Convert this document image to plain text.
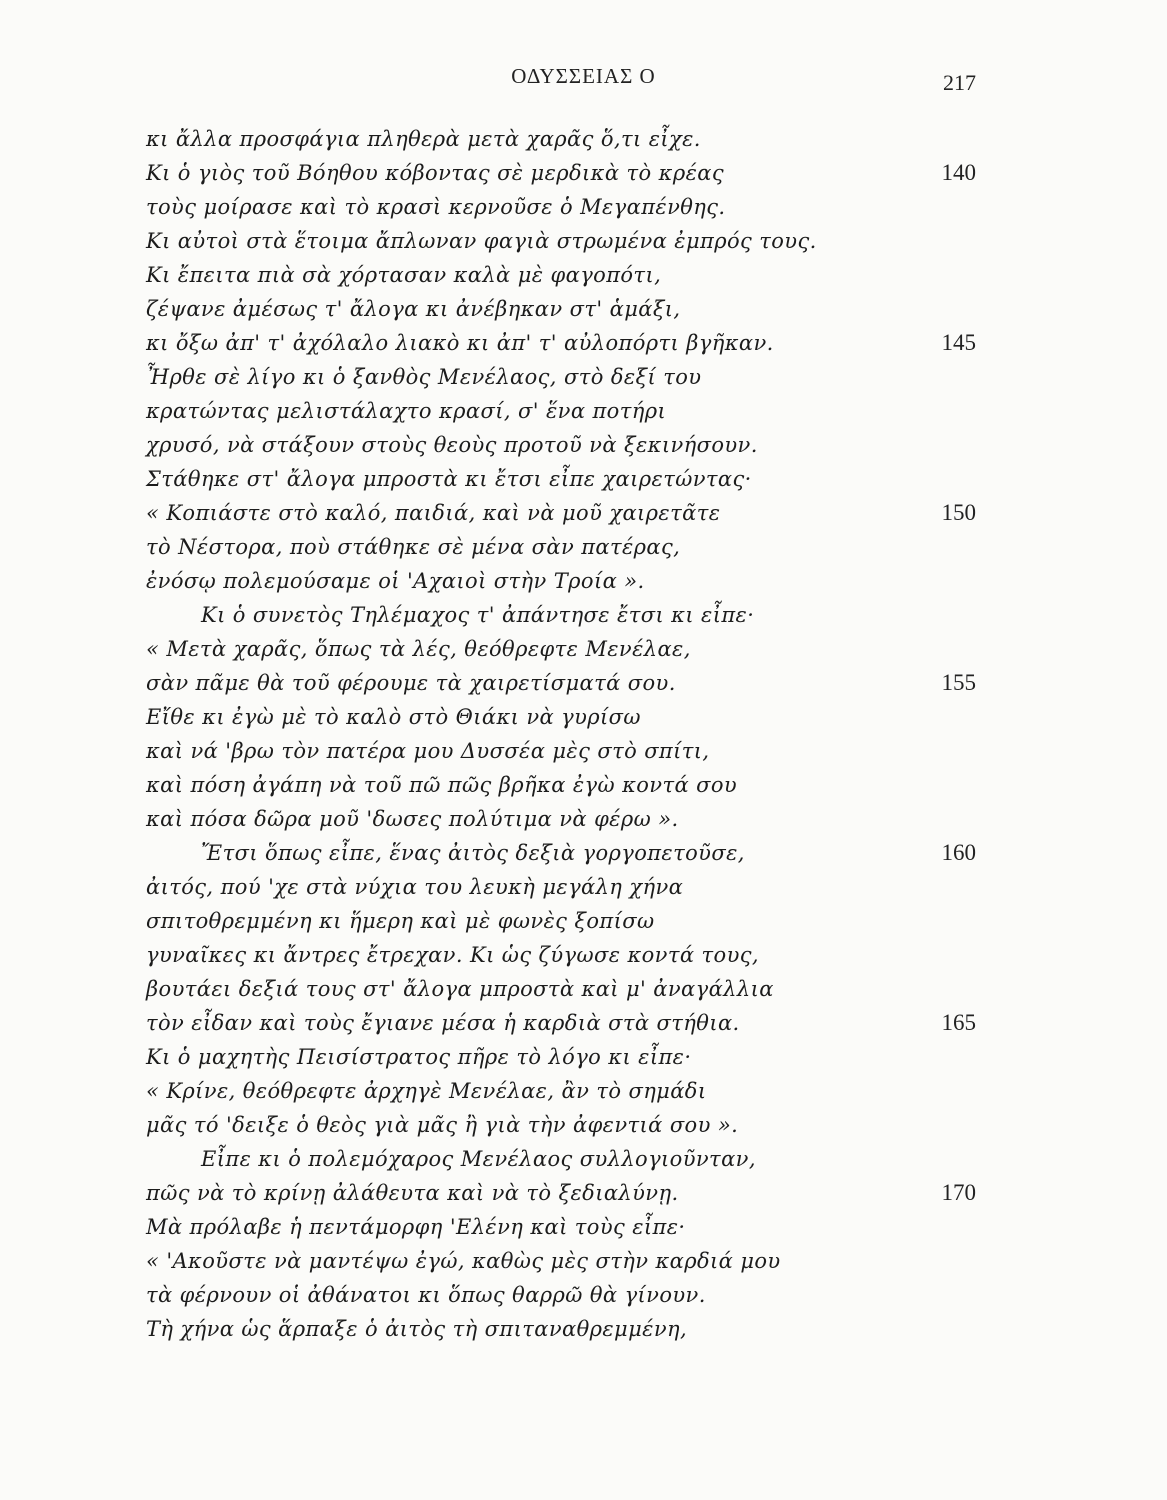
ΟΔΥΣΣΕΙΑΣ Ο	217
κι ἄλλα προσφάγια πληθερὰ μετὰ χαρᾶς ὅ,τι εἶχε.
Κι ὁ γιὸς τοῦ Βόηθου κόβοντας σὲ μερδικὰ τὸ κρέας	140
τοὺς μοίρασε καὶ τὸ κρασὶ κερνοῦσε ὁ Μεγαπένθης.
Κι αὐτοὶ στὰ ἕτοιμα ἄπλωναν φαγιὰ στρωμένα ἐμπρός τους.
Κι ἔπειτα πιὰ σὰ χόρτασαν καλὰ μὲ φαγοπότι,
ζέψανε ἀμέσως τ' ἄλογα κι ἀνέβηκαν στ' ἁμάξι,
κι ὄξω ἀπ' τ' ἀχόλαλο λιακὸ κι ἀπ' τ' αὐλοπόρτι βγῆκαν.	145
Ἦρθε σὲ λίγο κι ὁ ξανθὸς Μενέλαος, στὸ δεξί του
κρατώντας μελιστάλαχτο κρασί, σ' ἕνα ποτήρι
χρυσό, νὰ στάξουν στοὺς θεοὺς προτοῦ νὰ ξεκινήσουν.
Στάθηκε στ' ἄλογα μπροστὰ κι ἔτσι εἶπε χαιρετώντας·
« Κοπιάστε στὸ καλό, παιδιά, καὶ νὰ μοῦ χαιρετᾶτε	150
τὸ Νέστορα, ποὺ στάθηκε σὲ μένα σὰν πατέρας,
ἐνόσῳ πολεμούσαμε οἱ 'Αχαιοὶ στὴν Τροία ».
Κι ὁ συνετὸς Τηλέμαχος τ' ἀπάντησε ἔτσι κι εἶπε·
« Μετὰ χαρᾶς, ὅπως τὰ λές, θεόθρεφτε Μενέλαε,
σὰν πᾶμε θὰ τοῦ φέρουμε τὰ χαιρετίσματά σου.	155
Εἴθε κι ἐγὼ μὲ τὸ καλὸ στὸ Θιάκι νὰ γυρίσω
καὶ νά 'βρω τὸν πατέρα μου Δυσσέα μὲς στὸ σπίτι,
καὶ πόση ἀγάπη νὰ τοῦ πῶ πῶς βρῆκα ἐγὼ κοντά σου
καὶ πόσα δῶρα μοῦ 'δωσες πολύτιμα νὰ φέρω ».
Ἔτσι ὅπως εἶπε, ἕνας ἀιτὸς δεξιὰ γοργοπετοῦσε,	160
ἀιτός, πού 'χε στὰ νύχια του λευκὴ μεγάλη χήνα
σπιτοθρεμμένη κι ἥμερη καὶ μὲ φωνὲς ξοπίσω
γυναῖκες κι ἄντρες ἔτρεχαν. Κι ὡς ζύγωσε κοντά τους,
βουτάει δεξιά τους στ' ἄλογα μπροστὰ καὶ μ' ἀναγάλλια
τὸν εἶδαν καὶ τοὺς ἔγιανε μέσα ἡ καρδιὰ στὰ στήθια.	165
Κι ὁ μαχητὴς Πεισίστρατος πῆρε τὸ λόγο κι εἶπε·
« Κρίνε, θεόθρεφτε ἀρχηγὲ Μενέλαε, ἂν τὸ σημάδι
μᾶς τό 'δειξε ὁ θεὸς γιὰ μᾶς ἢ γιὰ τὴν ἀφεντιά σου ».
Εἶπε κι ὁ πολεμόχαρος Μενέλαος συλλογιοῦνταν,
πῶς νὰ τὸ κρίνῃ ἀλάθευτα καὶ νὰ τὸ ξεδιαλύνῃ.	170
Μὰ πρόλαβε ἡ πεντάμορφη 'Ελένη καὶ τοὺς εἶπε·
« 'Ακοῦστε νὰ μαντέψω ἐγώ, καθὼς μὲς στὴν καρδιά μου
τὰ φέρνουν οἱ ἀθάνατοι κι ὅπως θαρρῶ θὰ γίνουν.
Τὴ χήνα ὡς ἅρπαξε ὁ ἀιτὸς τὴ σπιταναθρεμμένη,
